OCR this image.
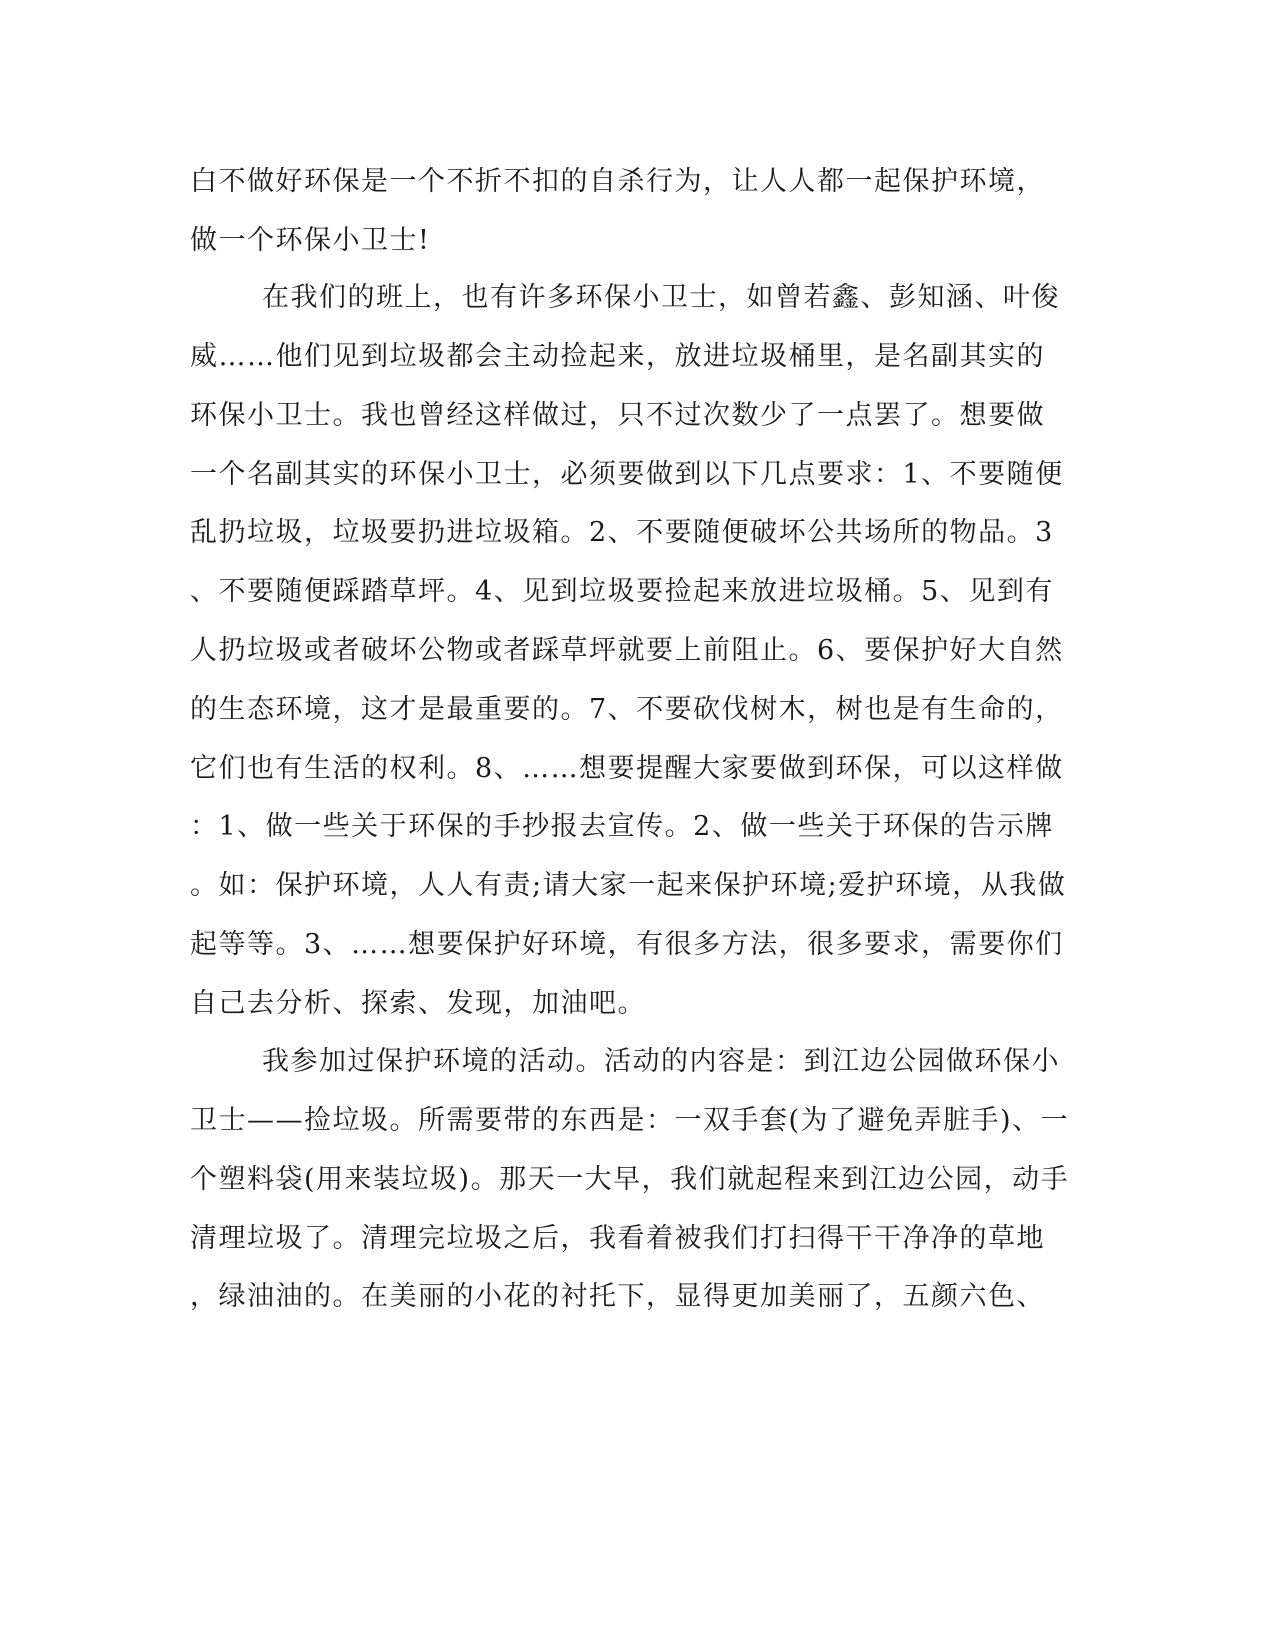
白不做好环保是一个不折不扣的自杀行为，让人人都一起保护环境，
做一个环保小卫士!
在我们的班上，也有许多环保小卫士，如曾若鑫、彭知涵、叶俊
威……他们见到垃圾都会主动捡起来，放进垃圾桶里，是名副其实的
环保小卫士。我也曾经这样做过，只不过次数少了一点罢了。想要做
一个名副其实的环保小卫士，必须要做到以下几点要求：1、不要随便
乱扔垃圾，垃圾要扔进垃圾箱。2、不要随便破坏公共场所的物品。3
、不要随便踩踏草坪。4、见到垃圾要捡起来放进垃圾桶。5、见到有
人扔垃圾或者破坏公物或者踩草坪就要上前阻止。6、要保护好大自然
的生态环境，这才是最重要的。7、不要砍伐树木，树也是有生命的，
它们也有生活的权利。8、……想要提醒大家要做到环保，可以这样做
：1、做一些关于环保的手抄报去宣传。2、做一些关于环保的告示牌
。如：保护环境，人人有责;请大家一起来保护环境;爱护环境，从我做
起等等。3、……想要保护好环境，有很多方法，很多要求，需要你们
自己去分析、探索、发现，加油吧。
我参加过保护环境的活动。活动的内容是：到江边公园做环保小
卫士——捡垃圾。所需要带的东西是：一双手套(为了避免弄脏手)、一
个塑料袋(用来装垃圾)。那天一大早，我们就起程来到江边公园，动手
清理垃圾了。清理完垃圾之后，我看着被我们打扫得干干净净的草地
，绿油油的。在美丽的小花的衬托下，显得更加美丽了，五颜六色、
